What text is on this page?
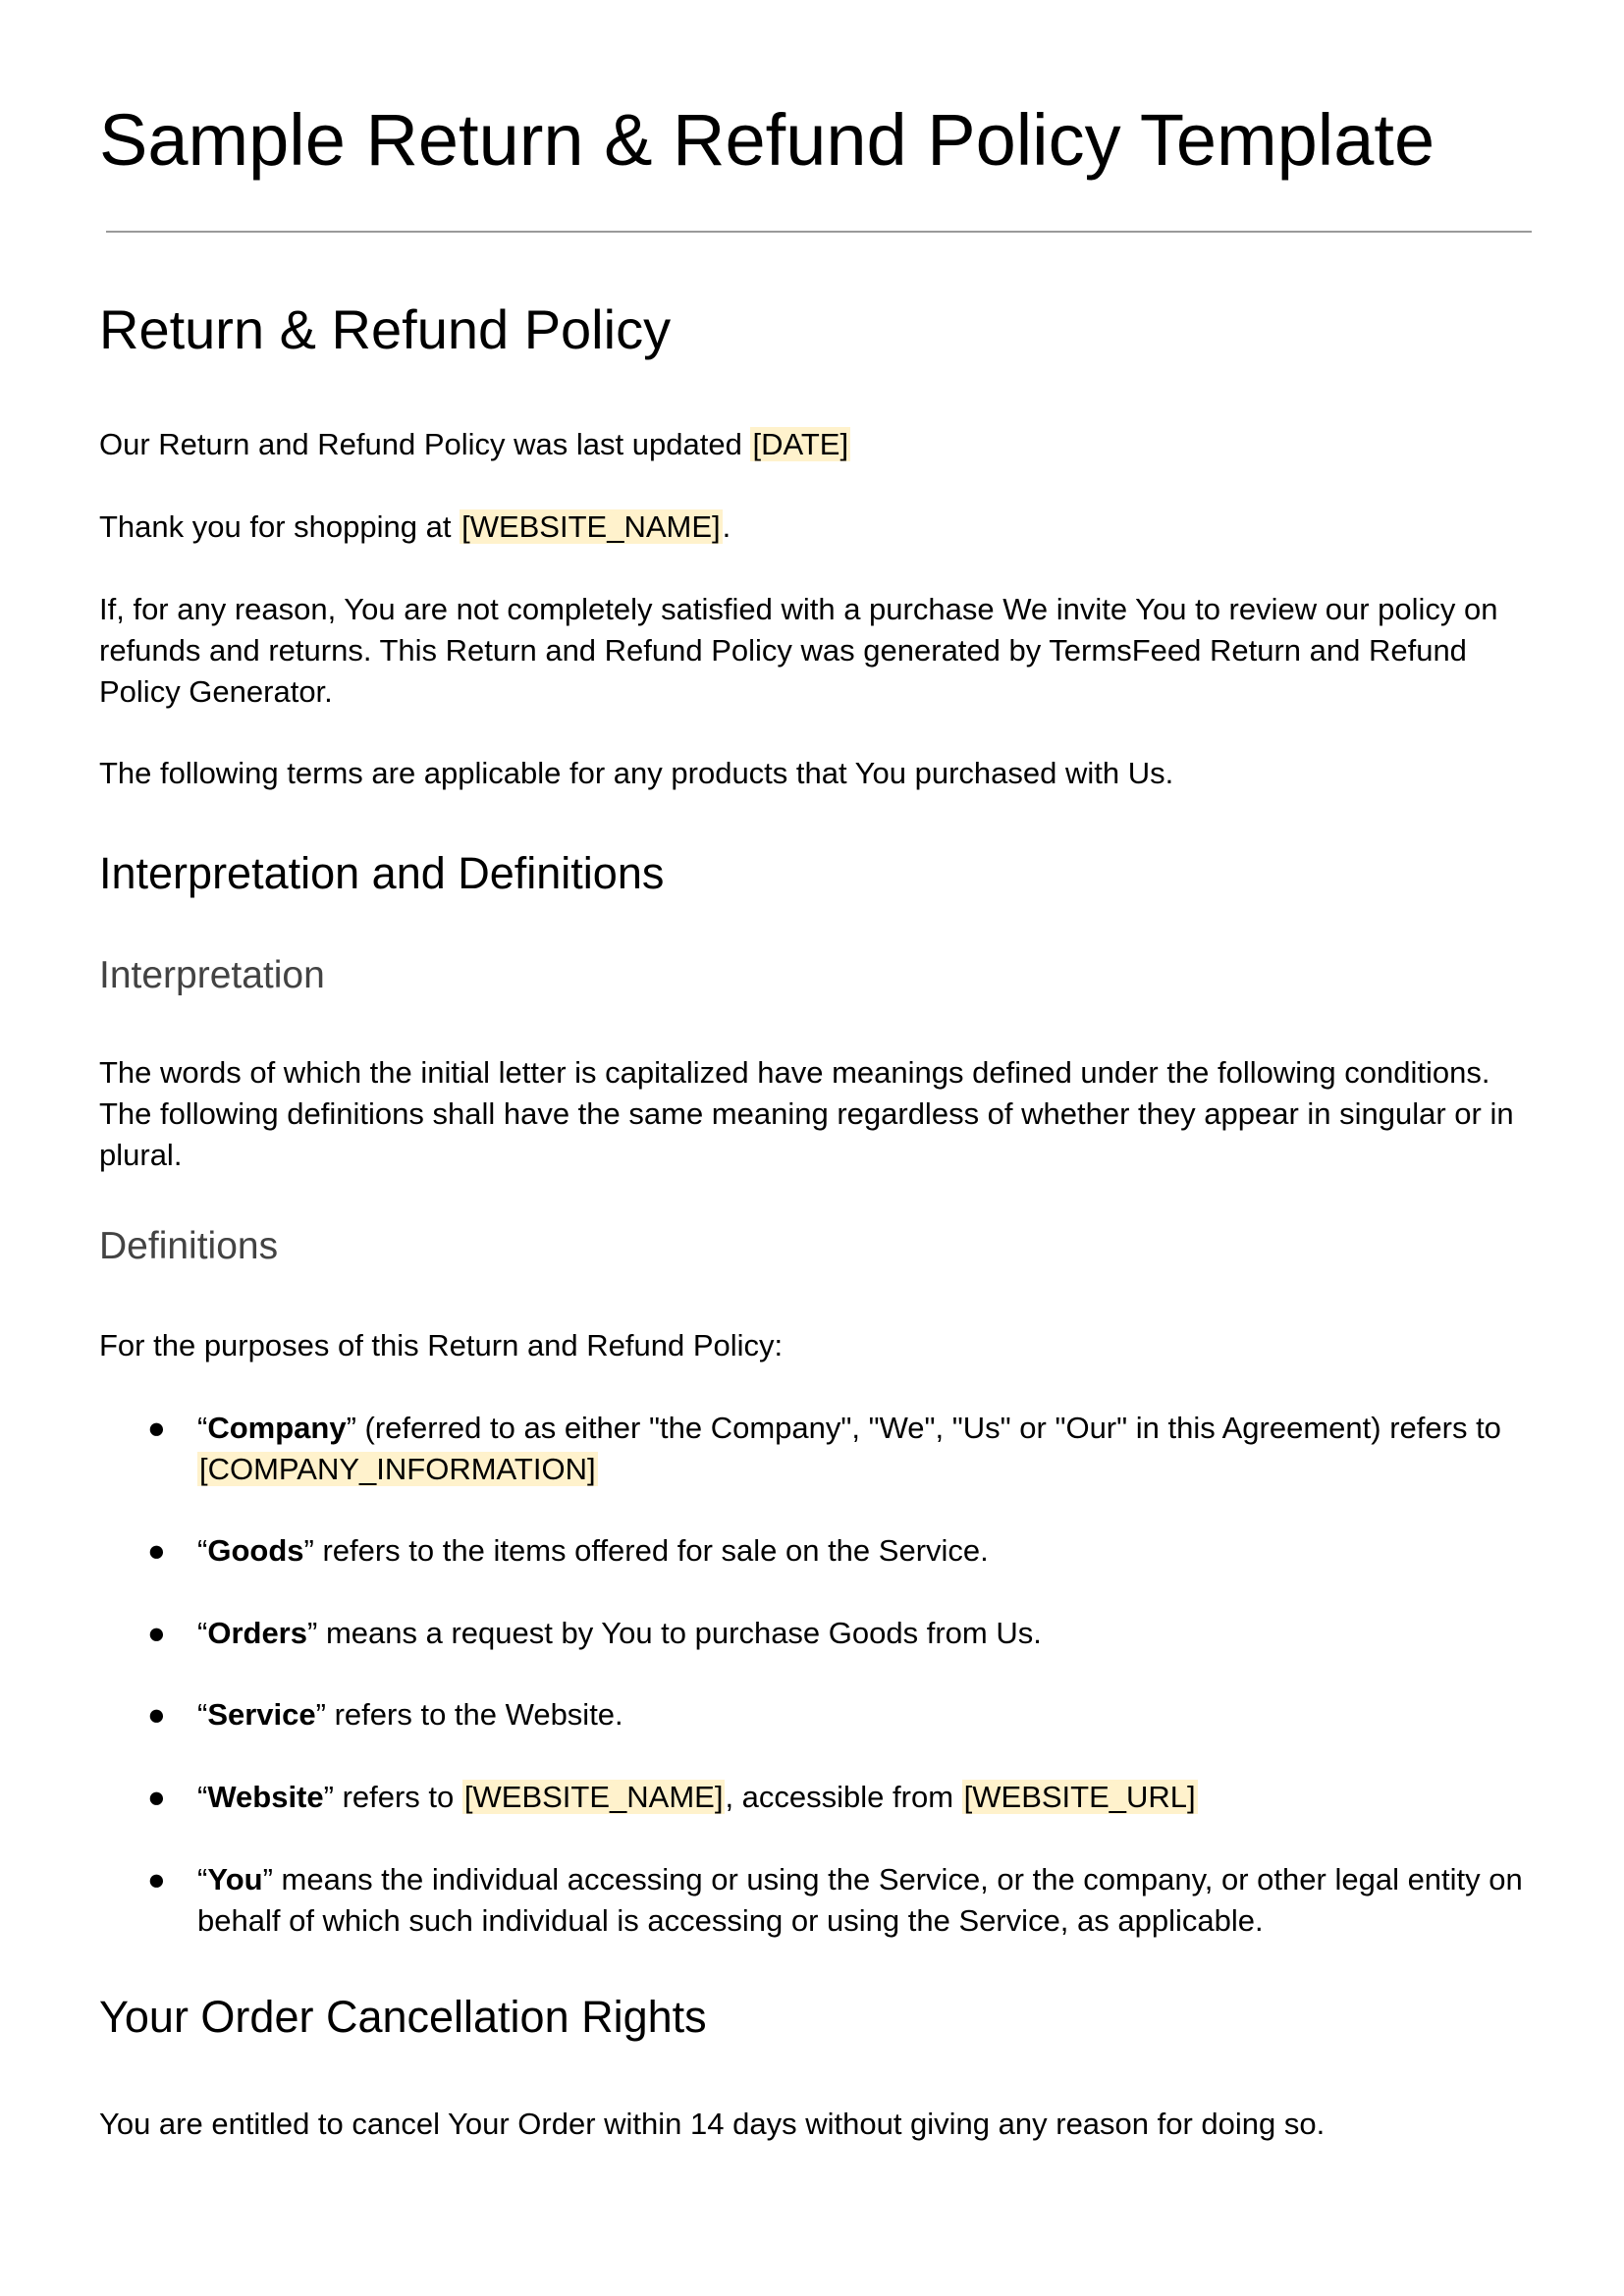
Sample Return & Refund Policy Template
Return & Refund Policy

Our Return and Refund Policy was last updated [DATE]

Thank you for shopping at [WEBSITE_NAME].

If, for any reason, You are not completely satisfied with a purchase We invite You to review our policy on refunds and returns. This Return and Refund Policy was generated by TermsFeed Return and Refund Policy Generator.

The following terms are applicable for any products that You purchased with Us.

Interpretation and Definitions
Interpretation

The words of which the initial letter is capitalized have meanings defined under the following conditions. The following definitions shall have the same meaning regardless of whether they appear in singular or in plural.

Definitions

For the purposes of this Return and Refund Policy:

● “Company” (referred to as either "the Company", "We", "Us" or "Our" in this Agreement) refers to
[COMPANY_INFORMATION]

● “Goods” refers to the items offered for sale on the Service.

● “Orders” means a request by You to purchase Goods from Us.

● “Service” refers to the Website.

● “Website” refers to [WEBSITE_NAME], accessible from [WEBSITE_URL]

● “You” means the individual accessing or using the Service, or the company, or other legal entity on behalf of which such individual is accessing or using the Service, as applicable.

Your Order Cancellation Rights

You are entitled to cancel Your Order within 14 days without giving any reason for doing so.
